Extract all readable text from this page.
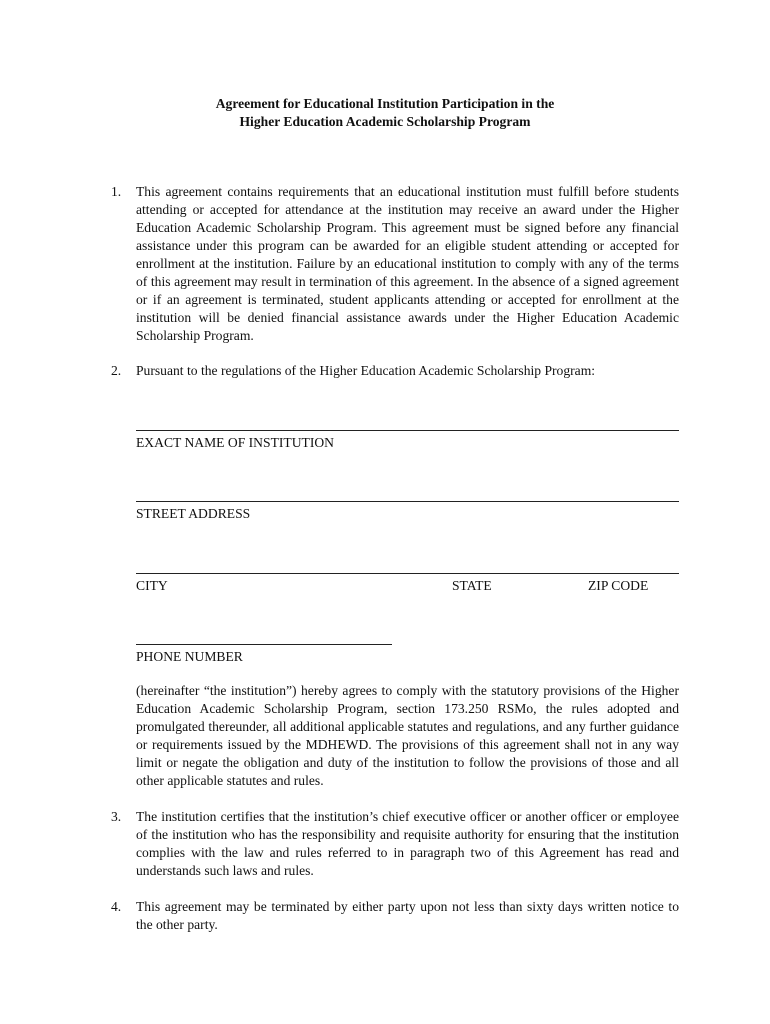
Agreement for Educational Institution Participation in the
Higher Education Academic Scholarship Program
1. This agreement contains requirements that an educational institution must fulfill before students attending or accepted for attendance at the institution may receive an award under the Higher Education Academic Scholarship Program. This agreement must be signed before any financial assistance under this program can be awarded for an eligible student attending or accepted for enrollment at the institution. Failure by an educational institution to comply with any of the terms of this agreement may result in termination of this agreement. In the absence of a signed agreement or if an agreement is terminated, student applicants attending or accepted for enrollment at the institution will be denied financial assistance awards under the Higher Education Academic Scholarship Program.
2. Pursuant to the regulations of the Higher Education Academic Scholarship Program:
EXACT NAME OF INSTITUTION
STREET ADDRESS
CITY	STATE	ZIP CODE
PHONE NUMBER
(hereinafter “the institution”) hereby agrees to comply with the statutory provisions of the Higher Education Academic Scholarship Program, section 173.250 RSMo, the rules adopted and promulgated thereunder, all additional applicable statutes and regulations, and any further guidance or requirements issued by the MDHEWD. The provisions of this agreement shall not in any way limit or negate the obligation and duty of the institution to follow the provisions of those and all other applicable statutes and rules.
3. The institution certifies that the institution’s chief executive officer or another officer or employee of the institution who has the responsibility and requisite authority for ensuring that the institution complies with the law and rules referred to in paragraph two of this Agreement has read and understands such laws and rules.
4. This agreement may be terminated by either party upon not less than sixty days written notice to the other party.
